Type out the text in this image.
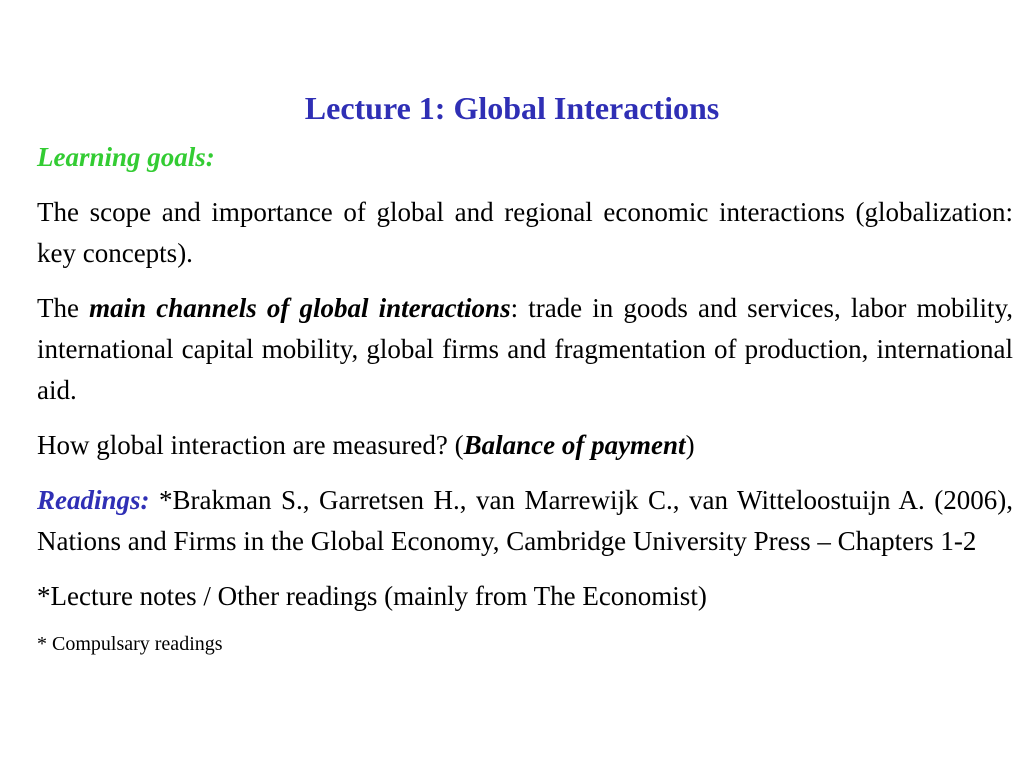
Lecture 1: Global Interactions
Learning goals:

The scope and importance of global and regional economic interactions (globalization: key concepts).

The main channels of global interactions: trade in goods and services, labor mobility, international capital mobility, global firms and fragmentation of production, international aid.

How global interaction are measured? (Balance of payment)

Readings: *Brakman S., Garretsen H., van Marrewijk C., van Witteloostuijn A. (2006), Nations and Firms in the Global Economy, Cambridge University Press – Chapters 1-2

*Lecture notes / Other readings (mainly from The Economist)

* Compulsary readings
